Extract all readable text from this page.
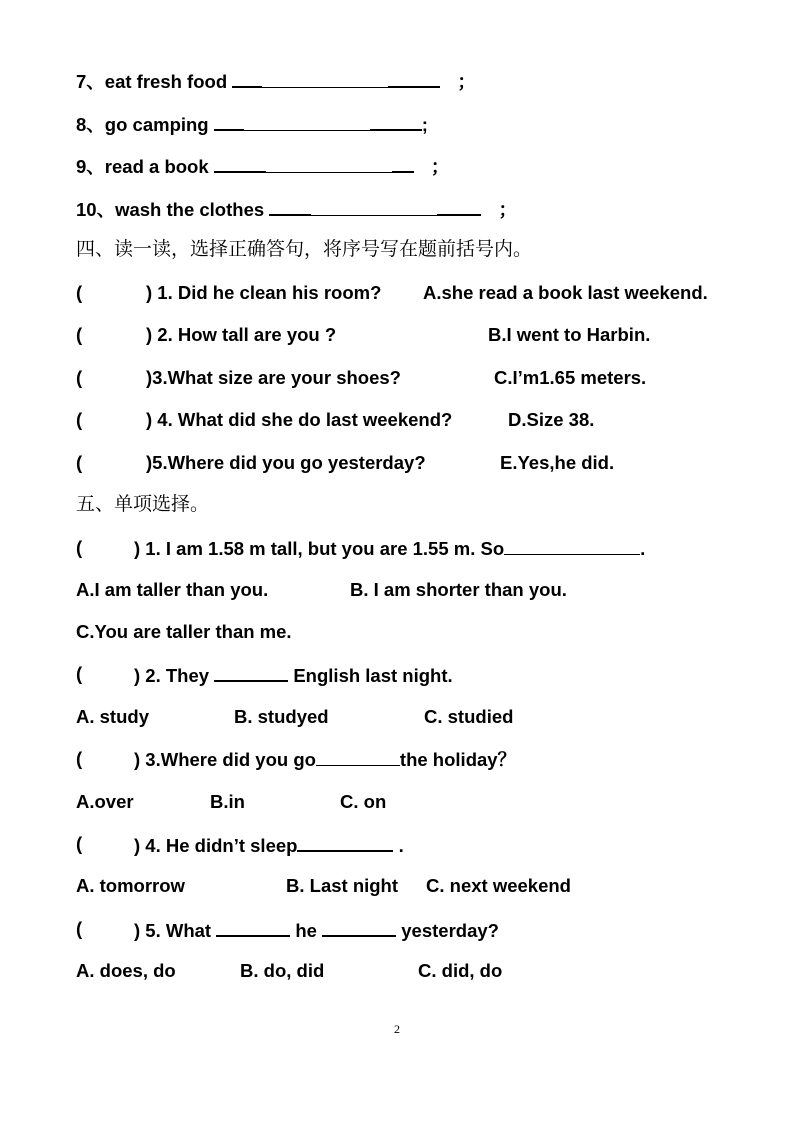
7、eat fresh food	；
8、go camping	;
9、read a book	；
10、wash the clothes	；
四、读一读，选择正确答句，将序号写在题前括号内。
(	) 1. Did he clean his room? A.she read a book last weekend.
(	) 2. How tall are you ?	B.I went to Harbin.
(	)3.What size are your shoes?	C.I’m1.65 meters.
(	) 4. What did she do last weekend?	D.Size 38.
(	)5.Where did you go yesterday?	E.Yes,he did.
五、单项选择。
(	) 1. I am 1.58 m tall, but you are 1.55 m. So	.
A.I am taller than you.	B. I am shorter than you.
C.You are taller than me.
(	) 2. They	English last night.
A. study	B. studyed	C. studied
(	) 3.Where did you go	the holiday？
A.over	B.in	C. on
(	) 4. He didn’t sleep	.
A. tomorrow	B. Last night C. next weekend
(	) 5. What	he	yesterday?
A. does, do	B. do, did	C. did, do
2
